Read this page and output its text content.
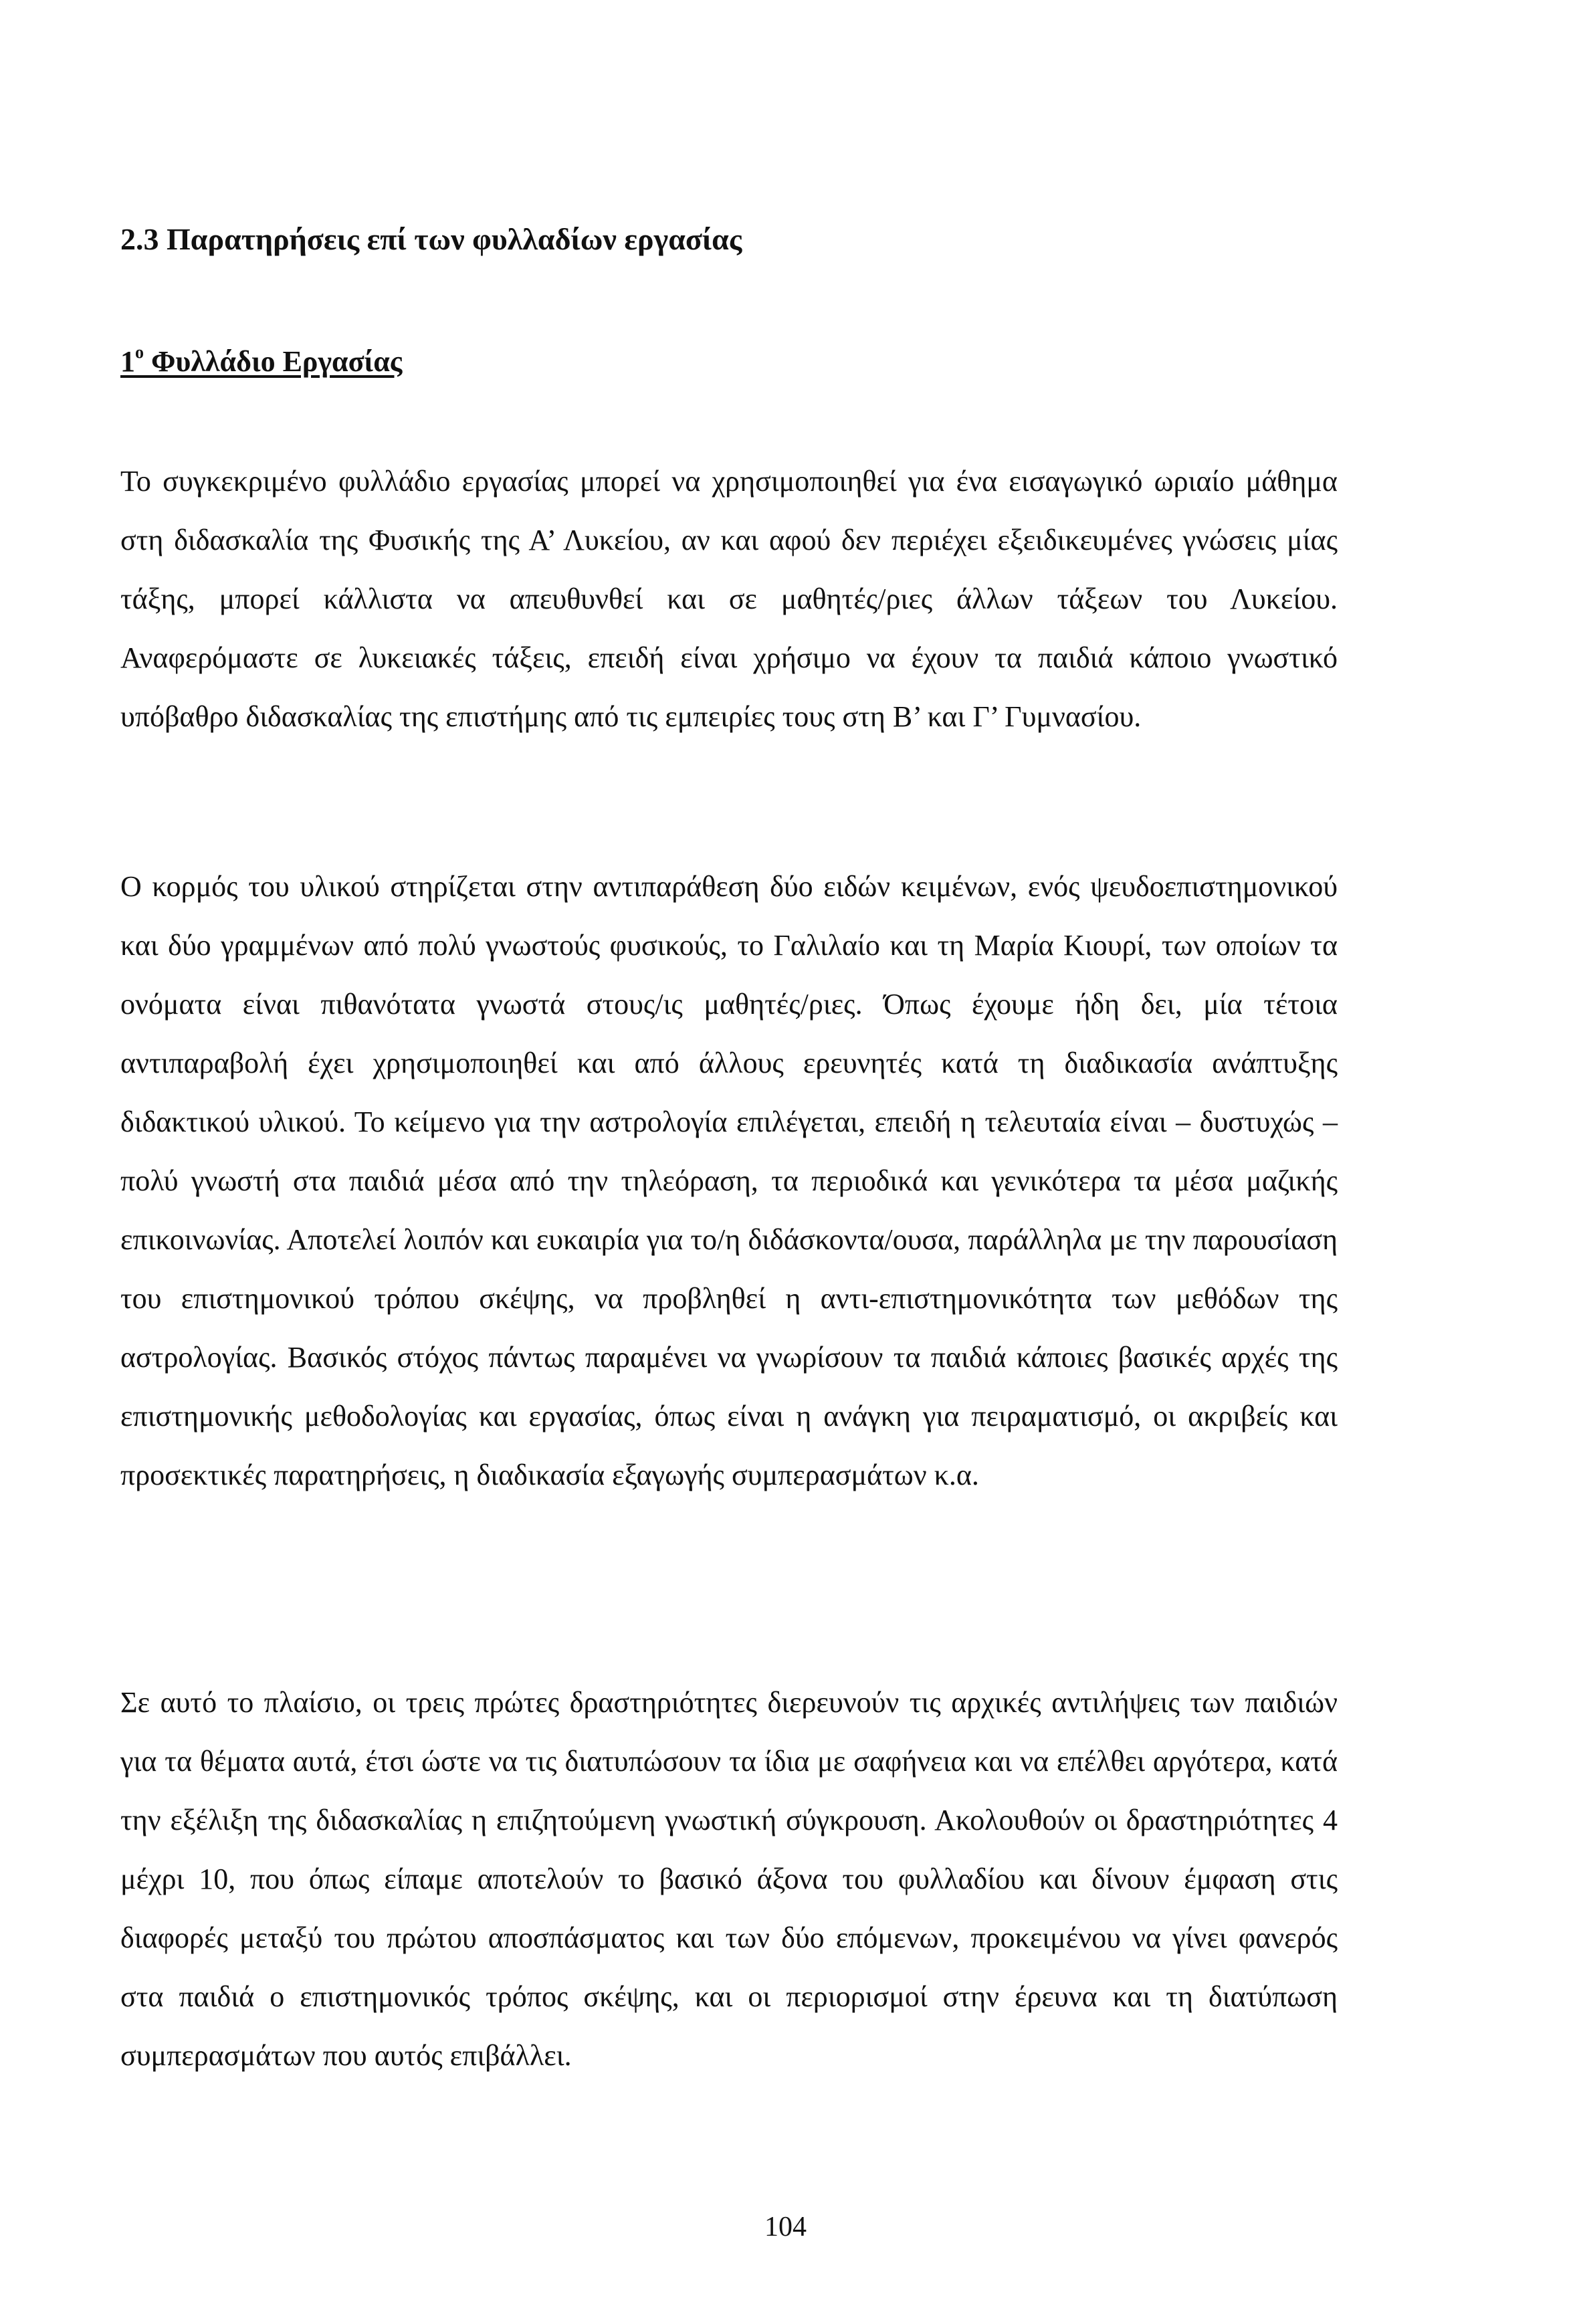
2.3 Παρατηρήσεις επί των φυλλαδίων εργασίας
$1^o$ Φυλλάδιο Εργασίας

Το συγκεκριμένο φυλλάδιο εργασίας μπορεί να χρησιμοποιηθεί για ένα εισαγωγικό ωριαίο μάθημα στη διδασκαλία της Φυσικής της Α’ Λυκείου, αν και αφού δεν περιέχει εξειδικευμένες γνώσεις μίας τάξης, μπορεί κάλλιστα να απευθυνθεί και σε μαθητές/ριες άλλων τάξεων του Λυκείου. Αναφερόμαστε σε λυκειακές τάξεις, επειδή είναι χρήσιμο να έχουν τα παιδιά κάποιο γνωστικό υπόβαθρο διδασκαλίας της επιστήμης από τις εμπειρίες τους στη Β’ και Γ’ Γυμνασίου.

Ο κορμός του υλικού στηρίζεται στην αντιπαράθεση δύο ειδών κειμένων, ενός ψευδοεπιστημονικού και δύο γραμμένων από πολύ γνωστούς φυσικούς, το Γαλιλαίο και τη Μαρία Κιουρί, των οποίων τα ονόματα είναι πιθανότατα γνωστά στους/ις μαθητές/ριες. Όπως έχουμε ήδη δει, μία τέτοια αντιπαραβολή έχει χρησιμοποιηθεί και από άλλους ερευνητές κατά τη διαδικασία ανάπτυξης διδακτικού υλικού. Το κείμενο για την αστρολογία επιλέγεται, επειδή η τελευταία είναι – δυστυχώς – πολύ γνωστή στα παιδιά μέσα από την τηλεόραση, τα περιοδικά και γενικότερα τα μέσα μαζικής επικοινωνίας. Αποτελεί λοιπόν και ευκαιρία για το/η διδάσκοντα/ουσα, παράλληλα με την παρουσίαση του επιστημονικού τρόπου σκέψης, να προβληθεί η αντι-επιστημονικότητα των μεθόδων της αστρολογίας. Βασικός στόχος πάντως παραμένει να γνωρίσουν τα παιδιά κάποιες βασικές αρχές της επιστημονικής μεθοδολογίας και εργασίας, όπως είναι η ανάγκη για πειραματισμό, οι ακριβείς και προσεκτικές παρατηρήσεις, η διαδικασία εξαγωγής συμπερασμάτων κ.α.

Σε αυτό το πλαίσιο, οι τρεις πρώτες δραστηριότητες διερευνούν τις αρχικές αντιλήψεις των παιδιών για τα θέματα αυτά, έτσι ώστε να τις διατυπώσουν τα ίδια με σαφήνεια και να επέλθει αργότερα, κατά την εξέλιξη της διδασκαλίας η επιζητούμενη γνωστική σύγκρουση. Ακολουθούν οι δραστηριότητες 4 μέχρι 10, που όπως είπαμε αποτελούν το βασικό άξονα του φυλλαδίου και δίνουν έμφαση στις διαφορές μεταξύ του πρώτου αποσπάσματος και των δύο επόμενων, προκειμένου να γίνει φανερός στα παιδιά ο επιστημονικός τρόπος σκέψης, και οι περιορισμοί στην έρευνα και τη διατύπωση συμπερασμάτων που αυτός επιβάλλει.

104
